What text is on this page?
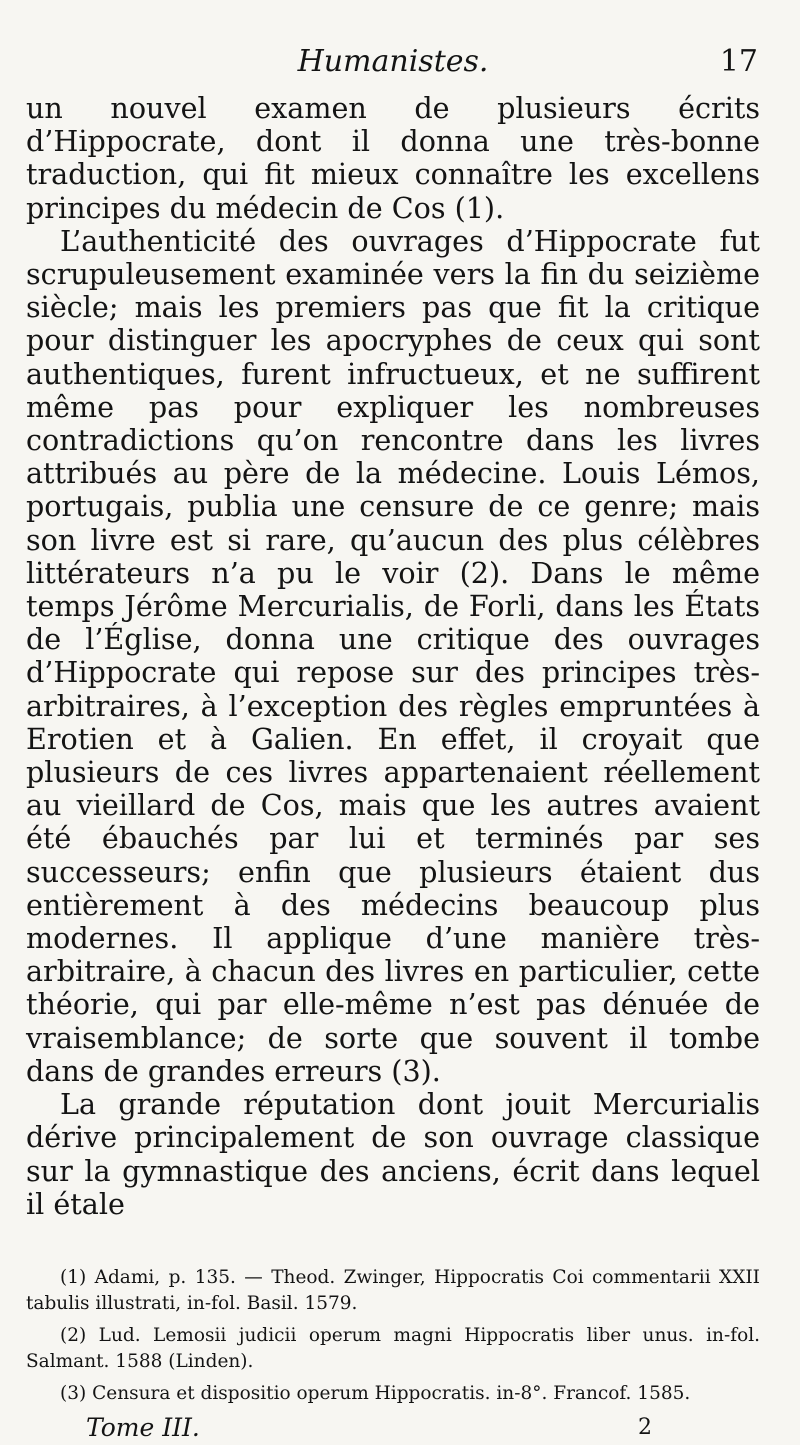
Humanistes.	17

un nouvel examen de plusieurs écrits d’Hippocrate, dont il donna une très-bonne traduction, qui fit mieux connaître les excellens principes du médecin de Cos (1).

L’authenticité des ouvrages d’Hippocrate fut scrupuleusement examinée vers la fin du seizième siècle; mais les premiers pas que fit la critique pour distinguer les apocryphes de ceux qui sont authentiques, furent infructueux, et ne suffirent même pas pour expliquer les nombreuses contradictions qu’on rencontre dans les livres attribués au père de la médecine. Louis Lémos, portugais, publia une censure de ce genre; mais son livre est si rare, qu’aucun des plus célèbres littérateurs n’a pu le voir (2). Dans le même temps Jérôme Mercurialis, de Forli, dans les États de l’Église, donna une critique des ouvrages d’Hippocrate qui repose sur des principes très-arbitraires, à l’exception des règles empruntées à Erotien et à Galien. En effet, il croyait que plusieurs de ces livres appartenaient réellement au vieillard de Cos, mais que les autres avaient été ébauchés par lui et terminés par ses successeurs; enfin que plusieurs étaient dus entièrement à des médecins beaucoup plus modernes. Il applique d’une manière très-arbitraire, à chacun des livres en particulier, cette théorie, qui par elle-même n’est pas dénuée de vraisemblance; de sorte que souvent il tombe dans de grandes erreurs (3).

La grande réputation dont jouit Mercurialis dérive principalement de son ouvrage classique sur la gymnastique des anciens, écrit dans lequel il étale

(1) Adami, p. 135. — Theod. Zwinger, Hippocratis Coi commentarii XXII tabulis illustrati, in-fol. Basil. 1579.

(2) Lud. Lemosii judicii operum magni Hippocratis liber unus. in-fol. Salmant. 1588 (Linden).

(3) Censura et dispositio operum Hippocratis. in-8°. Francof. 1585.

Tome III.	2
